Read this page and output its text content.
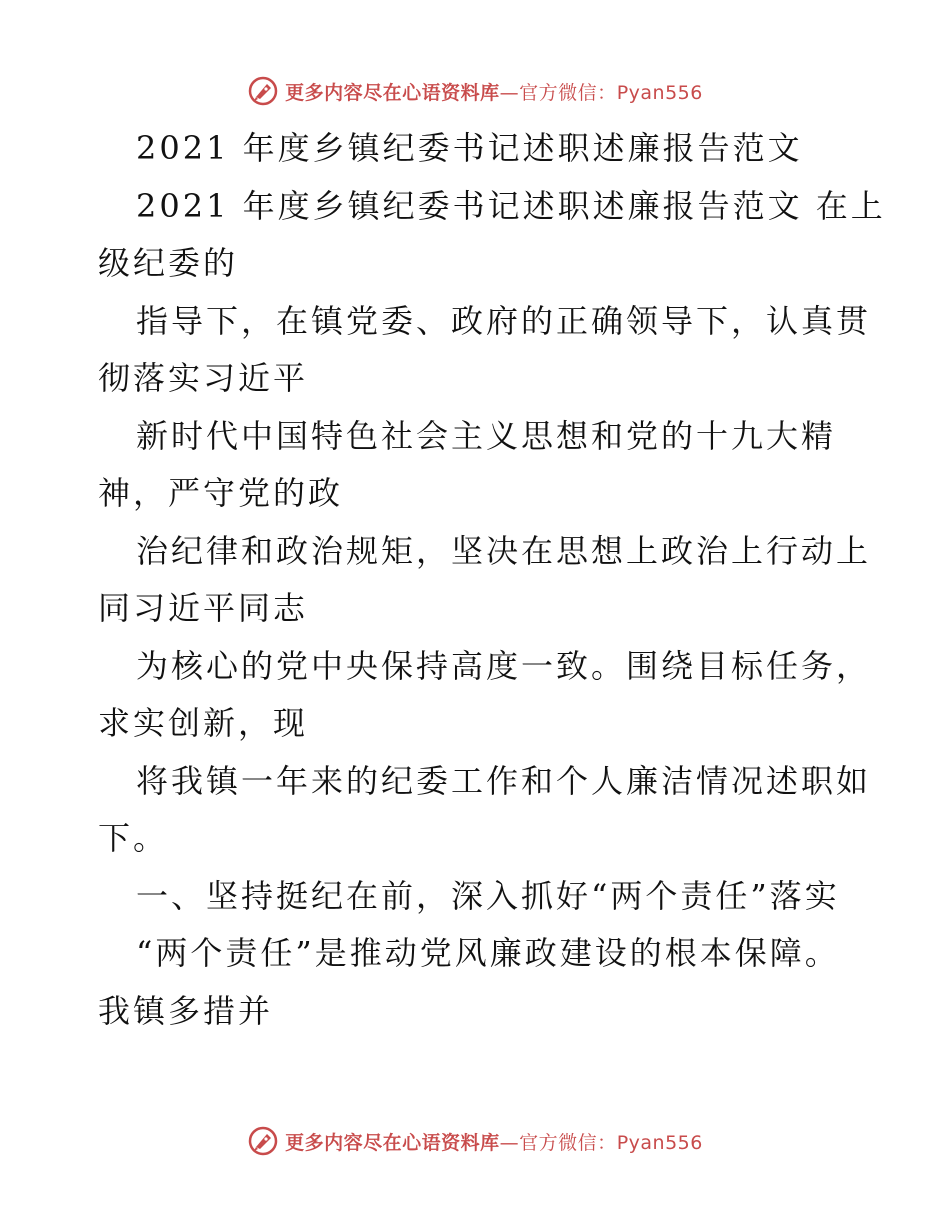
更多内容尽在心语资料库—官方微信：Pyan556
2021 年度乡镇纪委书记述职述廉报告范文
2021 年度乡镇纪委书记述职述廉报告范文 在上
级纪委的
指导下，在镇党委、政府的正确领导下，认真贯
彻落实习近平
新时代中国特色社会主义思想和党的十九大精
神，严守党的政
治纪律和政治规矩，坚决在思想上政治上行动上
同习近平同志
为核心的党中央保持高度一致。围绕目标任务，
求实创新，现
将我镇一年来的纪委工作和个人廉洁情况述职如
下。
一、坚持挺纪在前，深入抓好“两个责任”落实
“两个责任”是推动党风廉政建设的根本保障。
我镇多措并
更多内容尽在心语资料库—官方微信：Pyan556
